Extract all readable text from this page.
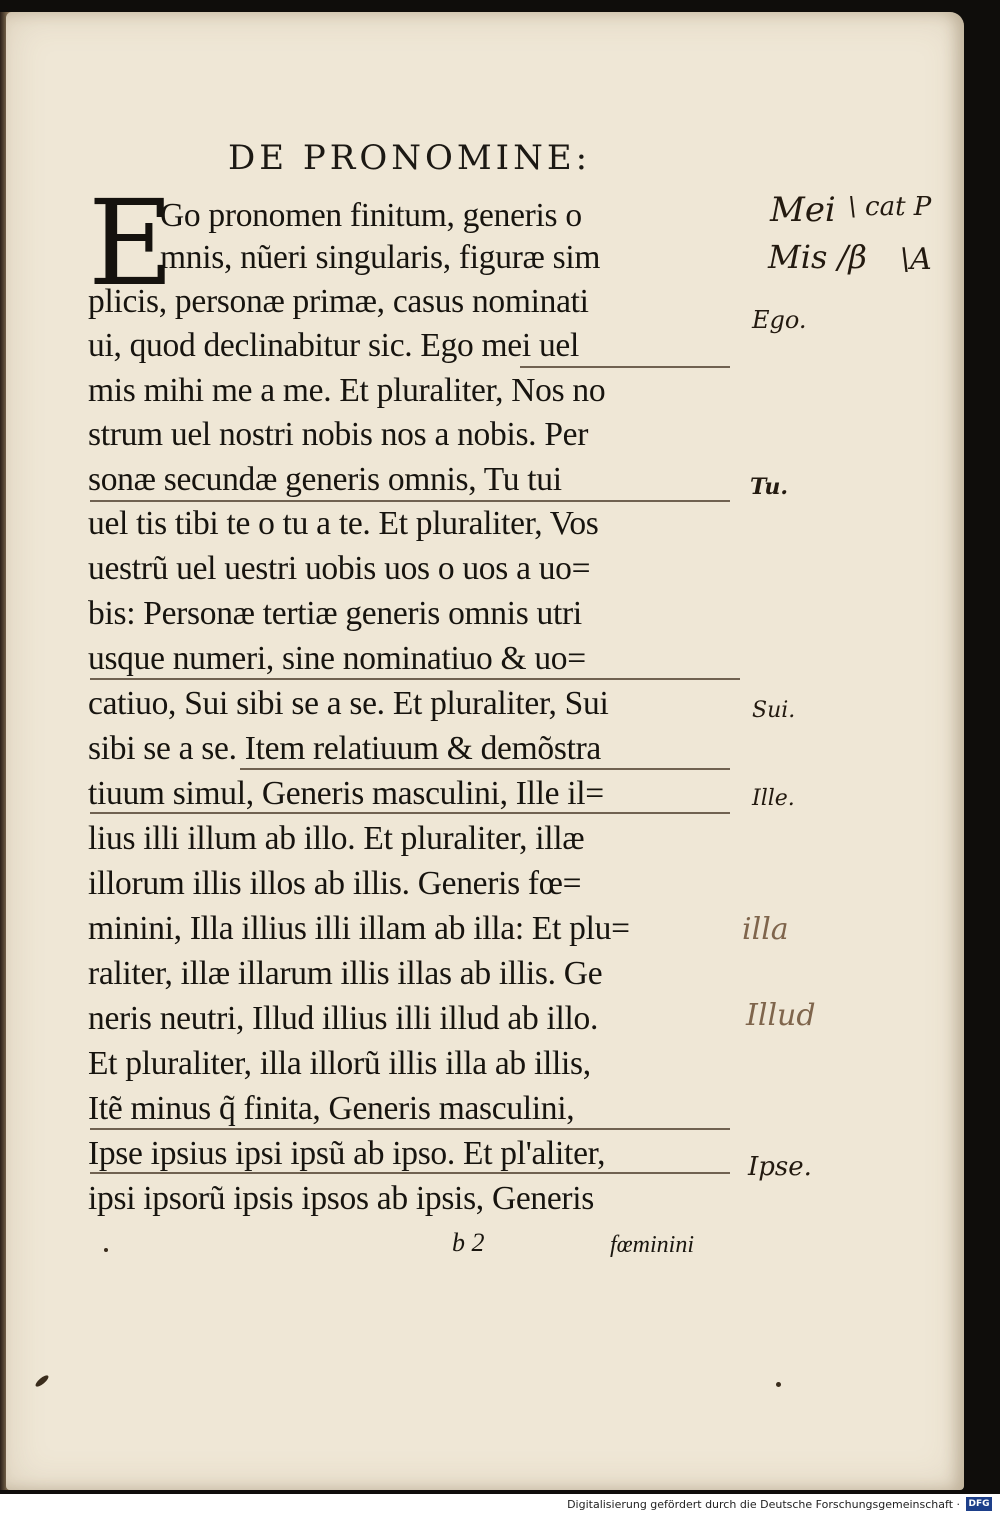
DE PRONOMINE:
E
Go pronomen finitum, generis o
mnis, nũeri singularis, figuræ sim
plicis, personæ primæ, casus nominati
ui, quod declinabitur sic. Ego mei uel
mis mihi me a me. Et pluraliter, Nos no
strum uel nostri nobis nos a nobis. Per
sonæ secundæ generis omnis, Tu tui
uel tis tibi te o tu a te. Et pluraliter, Vos
uestrũ uel uestri uobis uos o uos a uo=
bis: Personæ tertiæ generis omnis utri
usque numeri, sine nominatiuo & uo=
catiuo, Sui sibi se a se. Et pluraliter, Sui
sibi se a se. Item relatiuum & demõstra
tiuum simul, Generis masculini, Ille il=
lius illi illum ab illo. Et pluraliter, illæ
illorum illis illos ab illis. Generis fœ=
minini, Illa illius illi illam ab illa: Et plu=
raliter, illæ illarum illis illas ab illis. Ge
neris neutri, Illud illius illi illud ab illo.
Et pluraliter, illa illorũ illis illa ab illis,
Itẽ minus q̃ finita, Generis masculini,
Ipse ipsius ipsi ipsũ ab ipso. Et pl'aliter,
ipsi ipsorũ ipsis ipsos ab ipsis, Generis
Mei \ cat P
Mis /β \A
Ego.
Tu.
Sui.
Ille.
illa
Illud
Ipse.
b 2	fœminini
Digitalisierung gefördert durch die Deutsche Forschungsgemeinschaft · DFG
